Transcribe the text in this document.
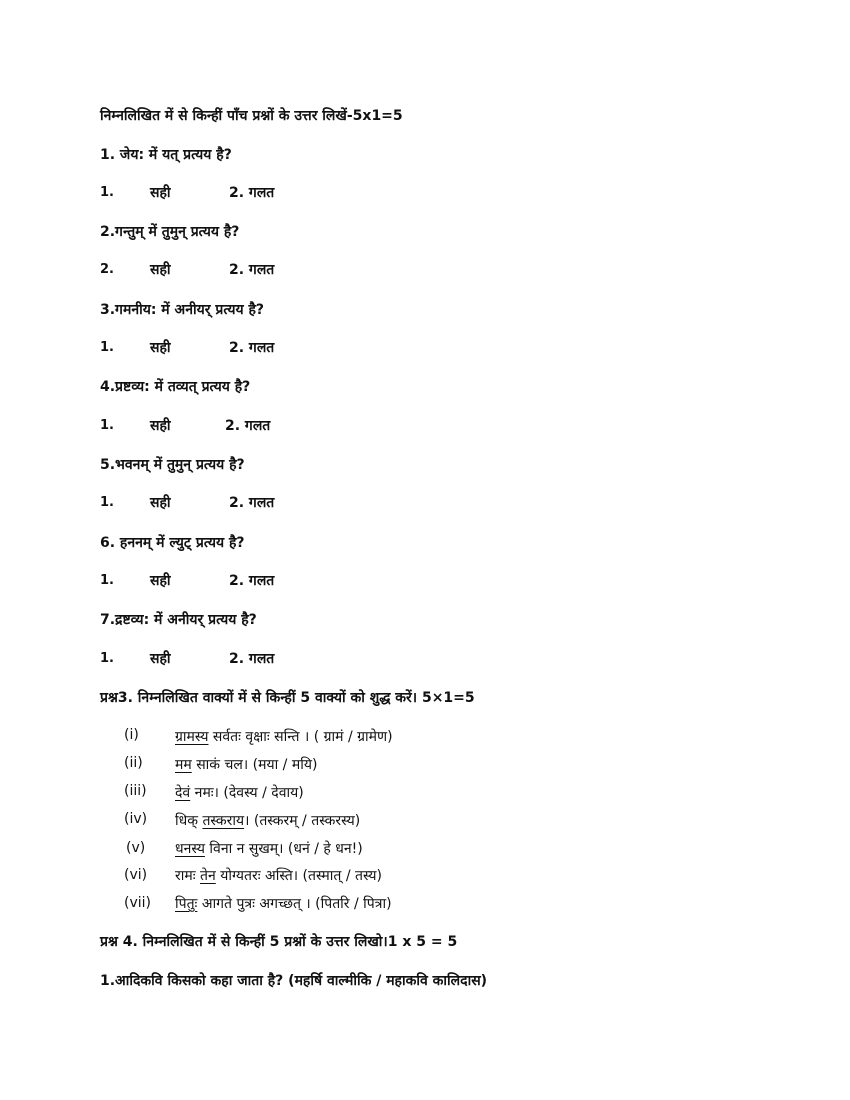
निम्नलिखित में से किन्हीं पाँच प्रश्नों के उत्तर लिखें-5x1=5
1. जेय: में यत् प्रत्यय है?
1.	सही	2. गलत
2.गन्तुम् में तुमुन् प्रत्यय है?
2.	सही	2. गलत
3.गमनीय: में अनीयर् प्रत्यय है?
1.	सही	2. गलत
4.प्रष्टव्य: में तव्यत् प्रत्यय है?
1.	सही	2. गलत
5.भवनम् में तुमुन् प्रत्यय है?
1.	सही	2. गलत
6. हननम् में ल्युट् प्रत्यय है?
1.	सही	2. गलत
7.द्रष्टव्य: में अनीयर् प्रत्यय है?
1.	सही	2. गलत
प्रश्न3. निम्नलिखित वाक्यों में से किन्हीं 5 वाक्यों को शुद्ध करें। 5×1=5
(i)	ग्रामस्य सर्वतः वृक्षाः सन्ति । ( ग्रामं / ग्रामेण)
(ii) मम साकं चल। (मया / मयि)
(iii) देवं नमः। (देवस्य / देवाय)
(iv) धिक् तस्कराय। (तस्करम् / तस्करस्य)
(v) धनस्य विना न सुखम्। (धनं / हे धन!)
(vi) रामः तेन योग्यतरः अस्ति। (तस्मात् / तस्य)
(vii) पितुः आगते पुत्रः अगच्छत् । (पितरि / पित्रा)
प्रश्न 4. निम्नलिखित में से किन्हीं 5 प्रश्नों के उत्तर लिखो।1 x 5 = 5
1.आदिकवि किसको कहा जाता है? (महर्षि वाल्मीकि / महाकवि कालिदास)
